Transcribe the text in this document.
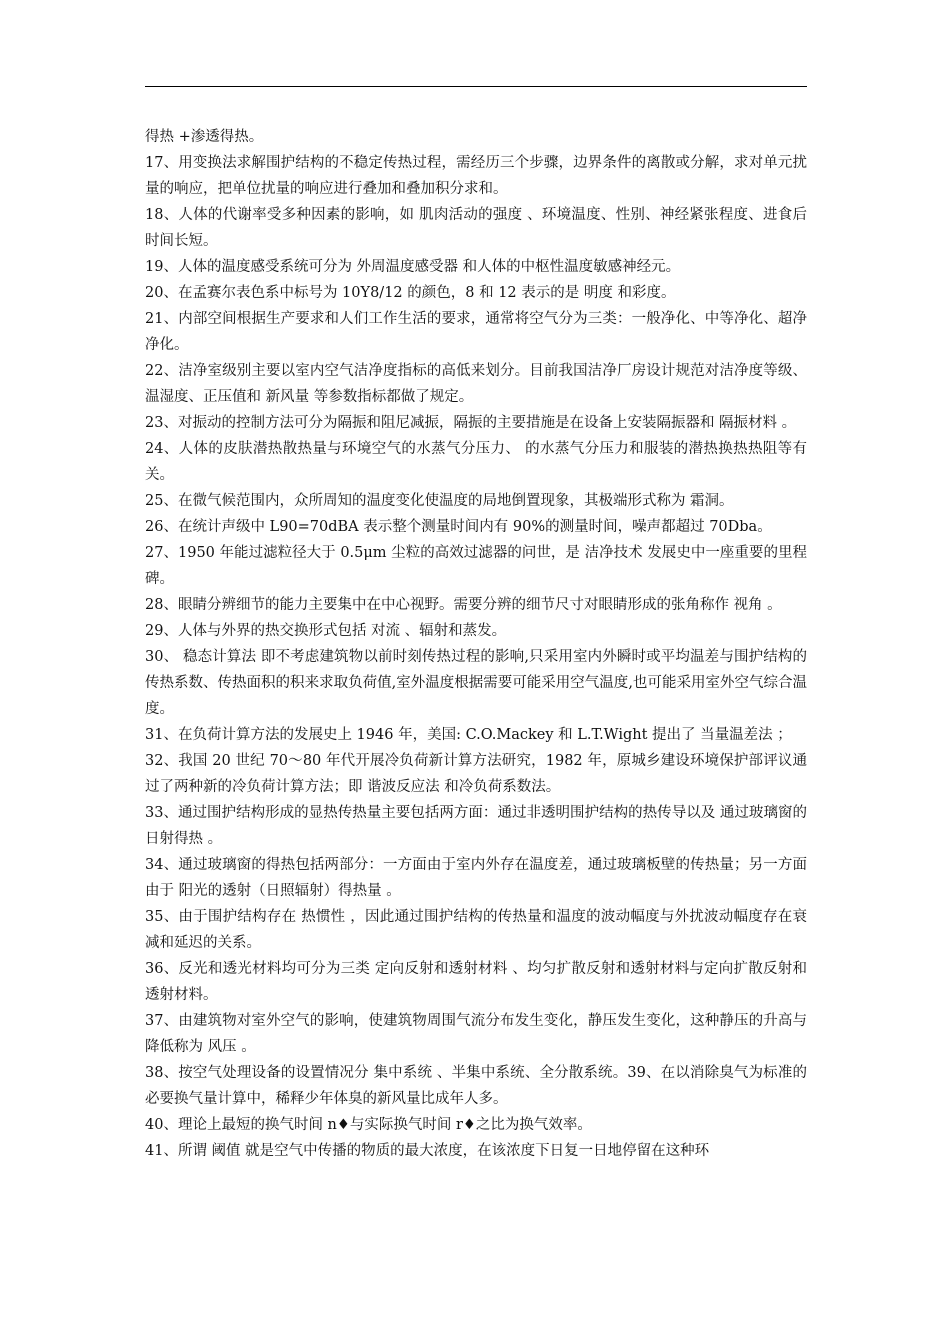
得热 +渗透得热。

17、用变换法求解围护结构的不稳定传热过程，需经历三个步骤，边界条件的离散或分解，求对单元扰量的响应，把单位扰量的响应进行叠加和叠加积分求和。

18、人体的代谢率受多种因素的影响，如 肌肉活动的强度 、环境温度、性别、神经紧张程度、进食后时间长短。

19、人体的温度感受系统可分为 外周温度感受器 和人体的中枢性温度敏感神经元。

20、在孟赛尔表色系中标号为 10Y8/12 的颜色，8 和 12 表示的是 明度 和彩度。

21、内部空间根据生产要求和人们工作生活的要求，通常将空气分为三类：一般净化、中等净化、超净净化。

22、洁净室级别主要以室内空气洁净度指标的高低来划分。目前我国洁净厂房设计规范对洁净度等级、温湿度、正压值和 新风量 等参数指标都做了规定。

23、对振动的控制方法可分为隔振和阻尼减振，隔振的主要措施是在设备上安装隔振器和 隔振材料 。

24、人体的皮肤潜热散热量与环境空气的水蒸气分压力、 的水蒸气分压力和服装的潜热换热热阻等有关。

25、在微气候范围内，众所周知的温度变化使温度的局地倒置现象，其极端形式称为 霜洞。

26、在统计声级中 L90=70dBA 表示整个测量时间内有 90%的测量时间，噪声都超过 70Dba。

27、1950 年能过滤粒径大于 0.5μm 尘粒的高效过滤器的问世，是 洁净技术 发展史中一座重要的里程碑。

28、眼睛分辨细节的能力主要集中在中心视野。需要分辨的细节尺寸对眼睛形成的张角称作 视角 。

29、人体与外界的热交换形式包括 对流 、辐射和蒸发。

30、 稳态计算法 即不考虑建筑物以前时刻传热过程的影响,只采用室内外瞬时或平均温差与围护结构的传热系数、传热面积的积来求取负荷值,室外温度根据需要可能采用空气温度,也可能采用室外空气综合温度。

31、在负荷计算方法的发展史上 1946 年，美国: C.O.Mackey 和 L.T.Wight 提出了 当量温差法 ；

32、我国 20 世纪 70～80 年代开展冷负荷新计算方法研究，1982 年，原城乡建设环境保护部评议通过了两种新的冷负荷计算方法；即 谐波反应法 和冷负荷系数法。

33、通过围护结构形成的显热传热量主要包括两方面：通过非透明围护结构的热传导以及 通过玻璃窗的日射得热 。

34、通过玻璃窗的得热包括两部分：一方面由于室内外存在温度差，通过玻璃板壁的传热量；另一方面由于 阳光的透射（日照辐射）得热量 。

35、由于围护结构存在 热惯性 ，因此通过围护结构的传热量和温度的波动幅度与外扰波动幅度存在衰减和延迟的关系。

36、反光和透光材料均可分为三类 定向反射和透射材料 、均匀扩散反射和透射材料与定向扩散反射和透射材料。

37、由建筑物对室外空气的影响，使建筑物周围气流分布发生变化，静压发生变化，这种静压的升高与降低称为 风压 。

38、按空气处理设备的设置情况分 集中系统 、半集中系统、全分散系统。39、在以消除臭气为标准的必要换气量计算中，稀释少年体臭的新风量比成年人多。

40、理论上最短的换气时间 n♦与实际换气时间 r♦之比为换气效率。

41、所谓 阈值 就是空气中传播的物质的最大浓度，在该浓度下日复一日地停留在这种环
